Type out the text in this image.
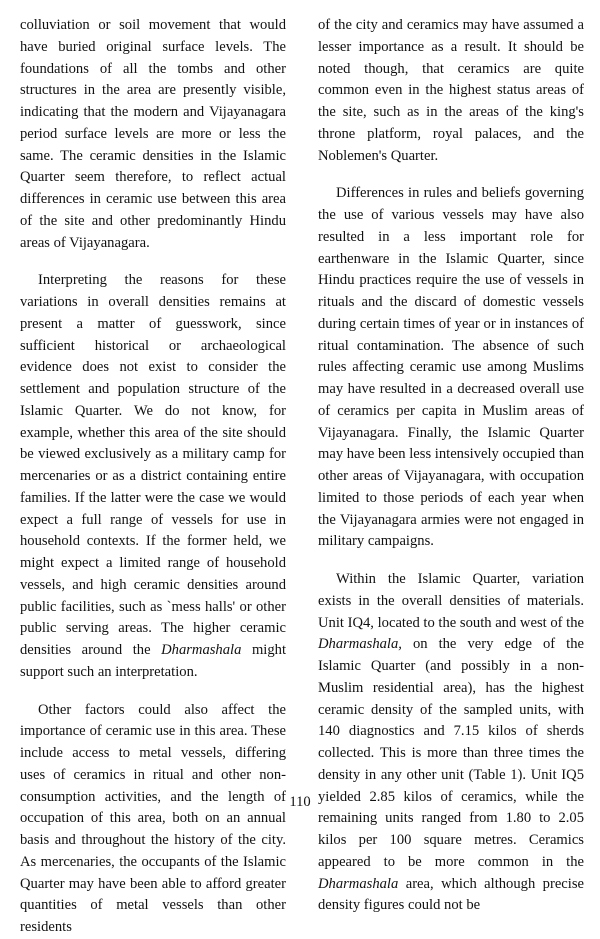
colluviation or soil movement that would have buried original surface levels. The foundations of all the tombs and other structures in the area are presently visible, indicating that the modern and Vijayanagara period surface levels are more or less the same. The ceramic densities in the Islamic Quarter seem therefore, to reflect actual differences in ceramic use between this area of the site and other predominantly Hindu areas of Vijayanagara.

Interpreting the reasons for these variations in overall densities remains at present a matter of guesswork, since sufficient historical or archaeological evidence does not exist to consider the settlement and population structure of the Islamic Quarter. We do not know, for example, whether this area of the site should be viewed exclusively as a military camp for mercenaries or as a district containing entire families. If the latter were the case we would expect a full range of vessels for use in household contexts. If the former held, we might expect a limited range of household vessels, and high ceramic densities around public facilities, such as `mess halls' or other public serving areas. The higher ceramic densities around the Dharmashala might support such an interpretation.

Other factors could also affect the importance of ceramic use in this area. These include access to metal vessels, differing uses of ceramics in ritual and other non-consumption activities, and the length of occupation of this area, both on an annual basis and throughout the history of the city. As mercenaries, the occupants of the Islamic Quarter may have been able to afford greater quantities of metal vessels than other residents

of the city and ceramics may have assumed a lesser importance as a result. It should be noted though, that ceramics are quite common even in the highest status areas of the site, such as in the areas of the king's throne platform, royal palaces, and the Noblemen's Quarter.

Differences in rules and beliefs governing the use of various vessels may have also resulted in a less important role for earthenware in the Islamic Quarter, since Hindu practices require the use of vessels in rituals and the discard of domestic vessels during certain times of year or in instances of ritual contamination. The absence of such rules affecting ceramic use among Muslims may have resulted in a decreased overall use of ceramics per capita in Muslim areas of Vijayanagara. Finally, the Islamic Quarter may have been less intensively occupied than other areas of Vijayanagara, with occupation limited to those periods of each year when the Vijayanagara armies were not engaged in military campaigns.

Within the Islamic Quarter, variation exists in the overall densities of materials. Unit IQ4, located to the south and west of the Dharmashala, on the very edge of the Islamic Quarter (and possibly in a non-Muslim residential area), has the highest ceramic density of the sampled units, with 140 diagnostics and 7.15 kilos of sherds collected. This is more than three times the density in any other unit (Table 1). Unit IQ5 yielded 2.85 kilos of ceramics, while the remaining units ranged from 1.80 to 2.05 kilos per 100 square metres. Ceramics appeared to be more common in the Dharmashala area, which although precise density figures could not be

110
